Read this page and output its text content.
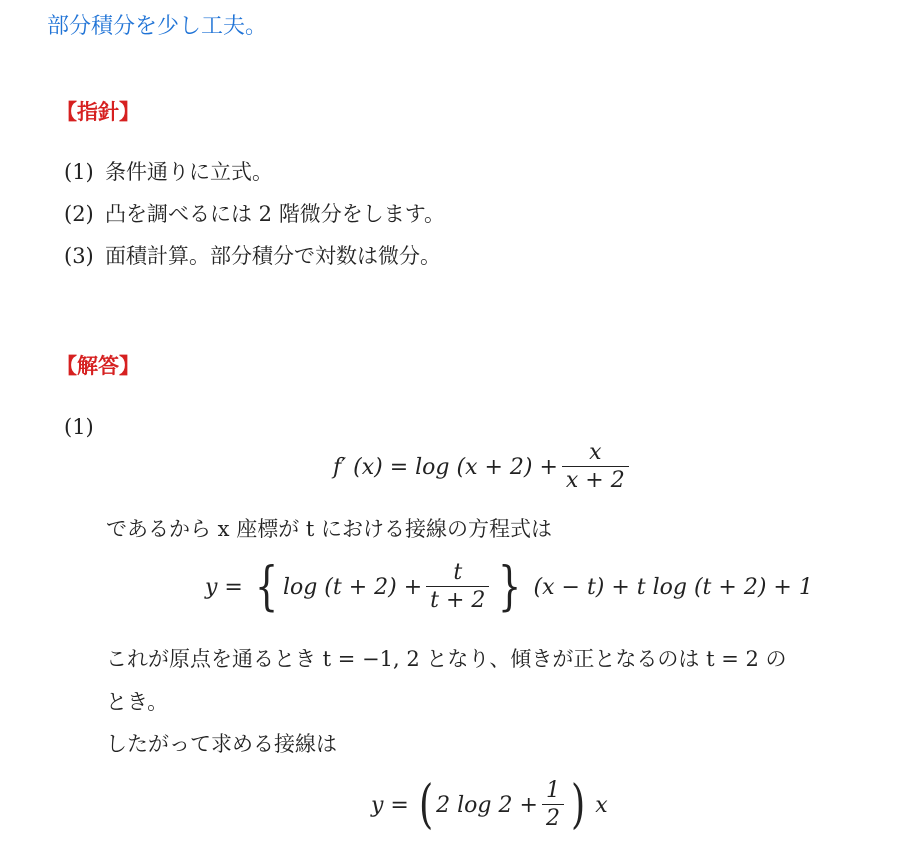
部分積分を少し工夫。
【指針】
(1) 条件通りに立式。
(2) 凸を調べるには 2 階微分をします。
(3) 面積計算。部分積分で対数は微分。
【解答】
(1)
f′ $(x) = \log (x + 2) + \frac{x}{x + 2}$
であるから x 座標が t における接線の方程式は
y = { $\log (t + 2) + \frac{t}{t + 2}$ } (x − t) + t log (t + 2) + 1
これが原点を通るとき t = −1, 2 となり、傾きが正となるのは t = 2 の
とき。
したがって求める接線は
y = ( 2 $\log 2 + \frac{1}{2}$ ) x
